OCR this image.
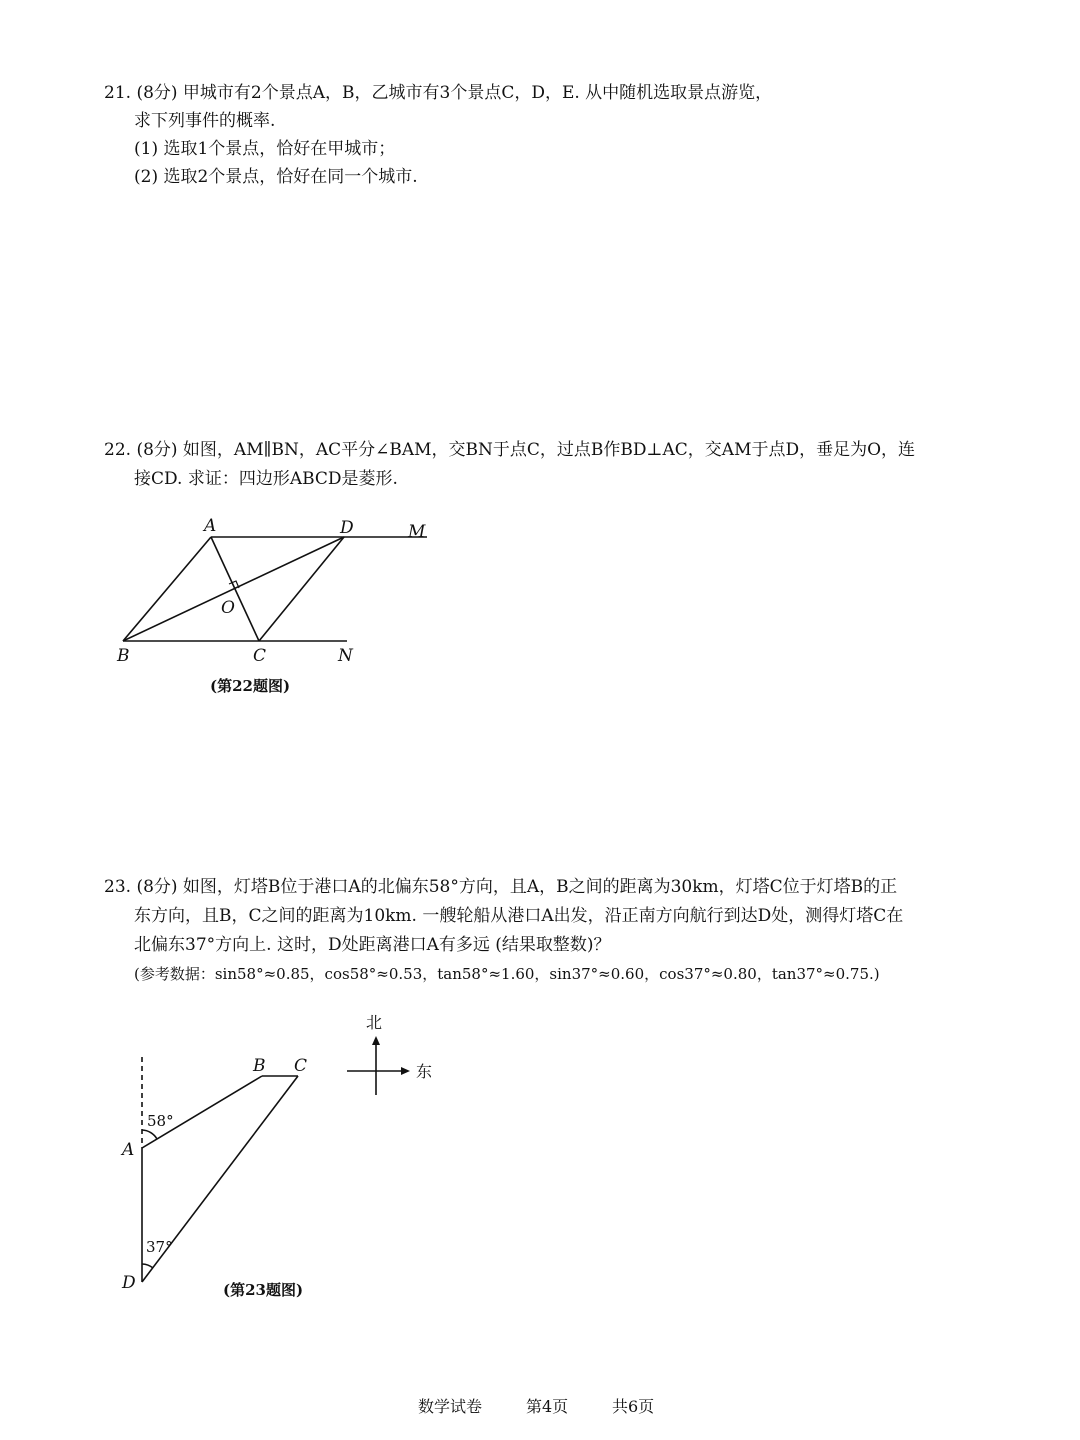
21. (8分) 甲城市有2个景点A，B，乙城市有3个景点C，D，E. 从中随机选取景点游览，
求下列事件的概率.
(1) 选取1个景点，恰好在甲城市；
(2) 选取2个景点，恰好在同一个城市.
22. (8分) 如图，AM∥BN，AC平分∠BAM，交BN于点C，过点B作BD⊥AC，交AM于点D，垂足为O，连
接CD. 求证：四边形ABCD是菱形.
A	D	M
O
B	C	N
(第22题图)
23. (8分) 如图，灯塔B位于港口A的北偏东58°方向，且A，B之间的距离为30km，灯塔C位于灯塔B的正
东方向，且B，C之间的距离为10km. 一艘轮船从港口A出发，沿正南方向航行到达D处，测得灯塔C在
北偏东37°方向上. 这时，D处距离港口A有多远 (结果取整数)？
(参考数据：sin58°≈0.85，cos58°≈0.53，tan58°≈1.60，sin37°≈0.60，cos37°≈0.80，tan37°≈0.75.)
北
东
58°
37°
A
B C
D	(第23题图)
数学试卷	第4页	共6页
